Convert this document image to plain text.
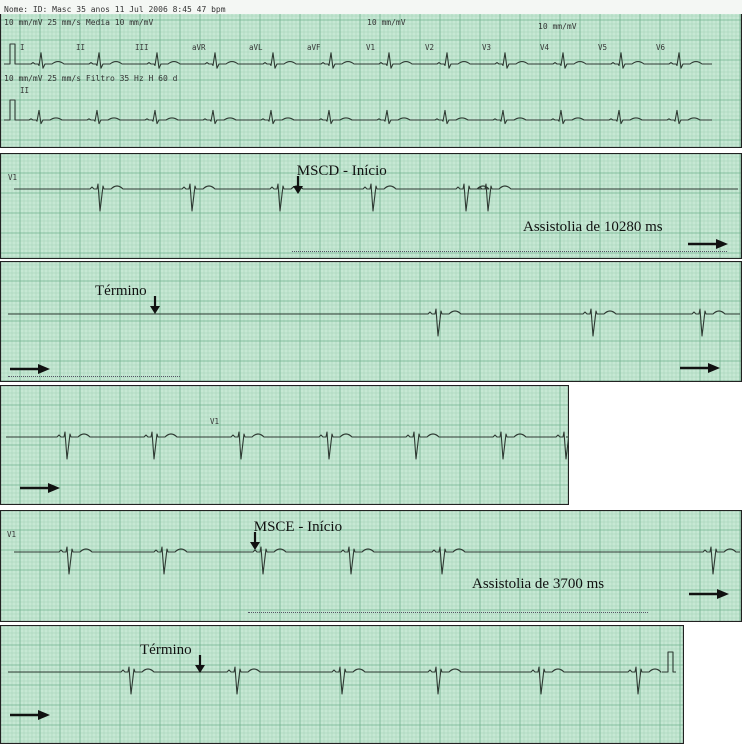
Nome: ID: Masc 35 anos 11 Jul 2006 8:45 47 bpm
10 mm/mV 25 mm/s Media 10 mm/mV	10 mm/mV	10 mm/mV
I	II	III	aVR	aVL	aVF	V1	V2	V3	V4	V5	V6
10 mm/mV 25 mm/s Filtro 35 Hz H 60 d
II
V1	MSCD - Início
Assistolia de 10280 ms
Término
V1
V1	MSCE - Início
Assistolia de 3700 ms
Término
